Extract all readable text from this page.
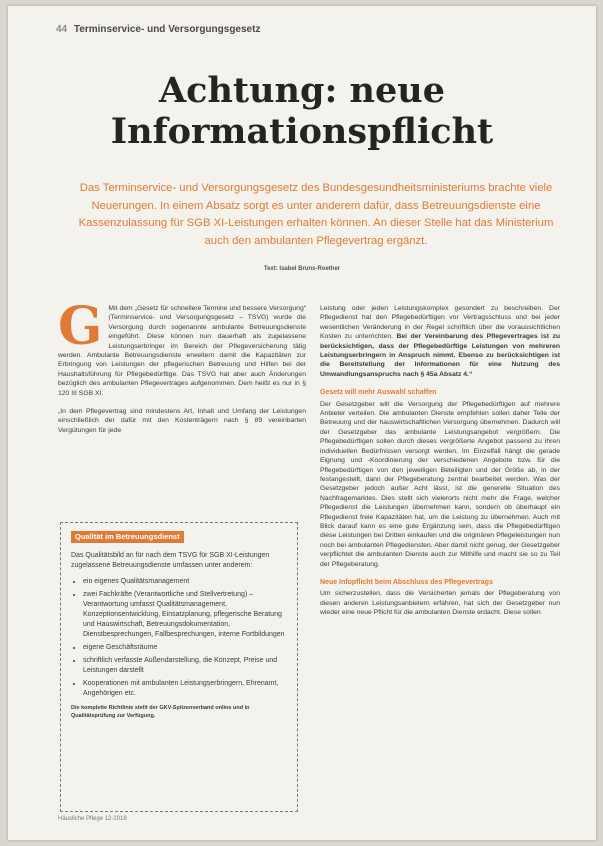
44 Terminservice- und Versorgungsgesetz
Achtung: neue
Informationspflicht
Das Terminservice- und Versorgungsgesetz des Bundesgesundheitsministeriums brachte viele Neuerungen. In einem Absatz sorgt es unter anderem dafür, dass Betreuungsdienste eine Kassenzulassung für SGB XI-Leistungen erhalten können. An dieser Stelle hat das Ministerium auch den ambulanten Pflegevertrag ergänzt.
Text: Isabel Bruns-Roether

G Mit dem „Gesetz für schnellere Termine und bessere Versorgung“ (Terminservice- und Versorgungsgesetz – TSVG) wurde die Versorgung durch sogenannte ambulante Betreuungsdienste eingeführt. Diese können nun dauerhaft als zugelassene Leistungserbringer im Bereich der Pflegeversicherung tätig werden. Ambulante Betreuungsdienste erweitern damit die Kapazitäten zur Erbringung von Leistungen der pflegerischen Betreuung und Hilfen bei der Haushaltsführung für Pflegebedürftige. Das TSVG hat aber auch Änderungen bezüglich des ambulanten Pflegevertrages aufgenommen. Dem heißt es nur in § 120 III SGB XI.

„In dem Pflegevertrag sind mindestens Art, Inhalt und Umfang der Leistungen einschließlich der dafür mit den Kostenträgern nach § 89 vereinbarten Vergütungen für jede

Qualität im Betreuungsdienst
Das Qualitätsbild an für nach dem TSVG für SGB XI-Leistungen zugelassene Betreuungsdienste umfassen unter anderem:
• ein eigenes Qualitätsmanagement
• zwei Fachkräfte (Verantwortliche und Stellvertretung) – Verantwortung umfasst Qualitätsmanagement, Konzeptionsentwicklung, Einsatzplanung, pflegerische Beratung und Hauswirtschaft, Betreuungsdokumentation, Dienstbesprechungen, Fallbesprechungen, interne Fortbildungen
• eigene Geschäftsräume
• schriftlich verfasste Außendarstellung, die Konzept, Preise und Leistungen darstellt
• Kooperationen mit ambulanten Leistungserbringern, Ehrenamt, Angehörigen etc.
Die komplette Richtlinie stellt der GKV-Spitzenverband online und in Qualitätsprüfung zur Verfügung.

Leistung oder jeden Leistungskomplex gesondert zu beschreiben. Der Pflegedienst hat den Pflegebedürftigen vor Vertragsschluss und bei jeder wesentlichen Veränderung in der Regel schriftlich über die voraussichtlichen Kosten zu unterrichten. Bei der Vereinbarung des Pflegevertrages ist zu berücksichtigen, dass der Pflegebedürftige Leistungen von mehreren Leistungserbringern in Anspruch nimmt. Ebenso zu berücksichtigen ist die Bereitstellung der Informationen für eine Nutzung des Umwandlungsanspruchs nach § 45a Absatz 4.“

Gesetz will mehr Auswahl schaffen

Der Gesetzgeber will die Versorgung der Pflegebedürftigen auf mehrere Anbieter verteilen. Die ambulanten Dienste empfehlen sollen daher Teile der Betreuung und der hauswirtschaftlichen Versorgung übernehmen. Dadurch will der Gesetzgeber das ambulante Leistungsangebot vergrößern. Die Pflegebedürftigen sollen durch dieses vergrößerte Angebot passend zu ihren individuellen Bedürfnissen versorgt werden. Im Einzelfall hängt die gerade Eignung und -Koordinierung der verschiedenen Angebote bzw. für die Pflegebedürftigen von den jeweiligen Beteiligten und der Größe ab, in der festangestellt, dann der Pflegeberatung zentral bearbeitet werden. Was der Gesetzgeber jedoch außer Acht lässt, ist die generelle Situation des Nachfragemarktes. Dies stellt sich vielerorts nicht mehr die Frage, welcher Pflegedienst die Leistungen übernehmen kann, sondern ob überhaupt ein Pflegedienst freie Kapazitäten hat, um die Leistung zu übernehmen. Auch mit Blick darauf kann es eine gute Ergänzung sein, dass die Pflegebedürftigen diese Leistungen bei Dritten einkaufen und die originären Pflegeleistungen nun noch bei ambulanten Pflegediensten. Aber damit nicht genug, der Gesetzgeber verpflichtet die ambulanten Dienste auch zur Mithilfe und macht sie so zu Teil der Pflegeberatung.

Neue Infopflicht beim Abschluss des Pflegevertrags

Um sicherzustellen, dass die Versicherten jemals der Pflegeberatung von diesen anderen Leistungsanbietern erfahren, hat sich der Gesetzgeber nun wieder eine neue Pflicht für die ambulanten Dienste erdacht. Diese sollen

Häusliche Pflege 12-2019
